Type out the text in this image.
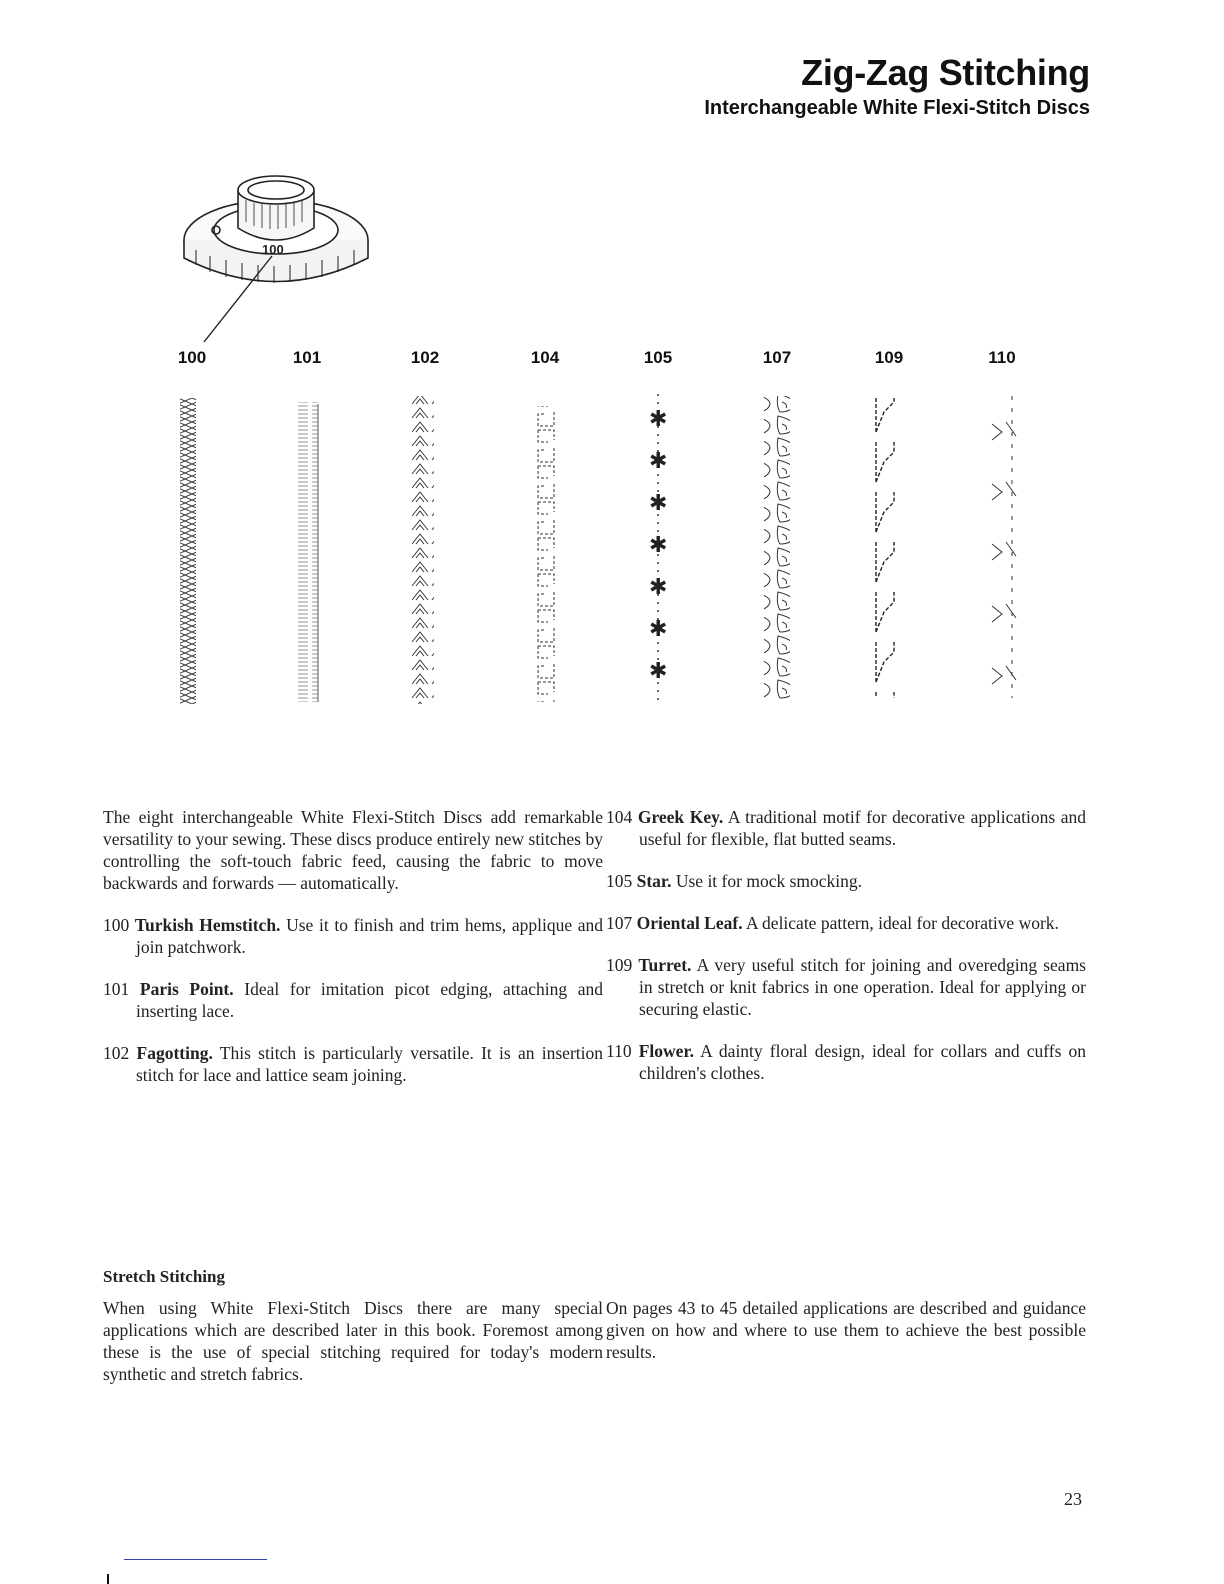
Zig-Zag Stitching
Interchangeable White Flexi-Stitch Discs
100
100	101	102	104	105	107	109	110
✱
✱
✱
✱
✱
✱
✱

The eight interchangeable White Flexi-Stitch Discs add remarkable versatility to your sewing. These discs produce entirely new stitches by controlling the soft-touch fabric feed, causing the fabric to move backwards and forwards — automatically.

100 Turkish Hemstitch. Use it to finish and trim hems, applique and join patchwork.

101 Paris Point. Ideal for imitation picot edging, attaching and inserting lace.

102 Fagotting. This stitch is particularly versatile. It is an insertion stitch for lace and lattice seam joining.

104 Greek Key. A traditional motif for decorative applications and useful for flexible, flat butted seams.

105 Star. Use it for mock smocking.

107 Oriental Leaf. A delicate pattern, ideal for decorative work.

109 Turret. A very useful stitch for joining and overedging seams in stretch or knit fabrics in one operation. Ideal for applying or securing elastic.

110 Flower. A dainty floral design, ideal for collars and cuffs on children's clothes.

Stretch Stitching

When using White Flexi-Stitch Discs there are many special applications which are described later in this book. Foremost among these is the use of special stitching required for today's modern synthetic and stretch fabrics.

On pages 43 to 45 detailed applications are described and guidance given on how and where to use them to achieve the best possible results.

23
